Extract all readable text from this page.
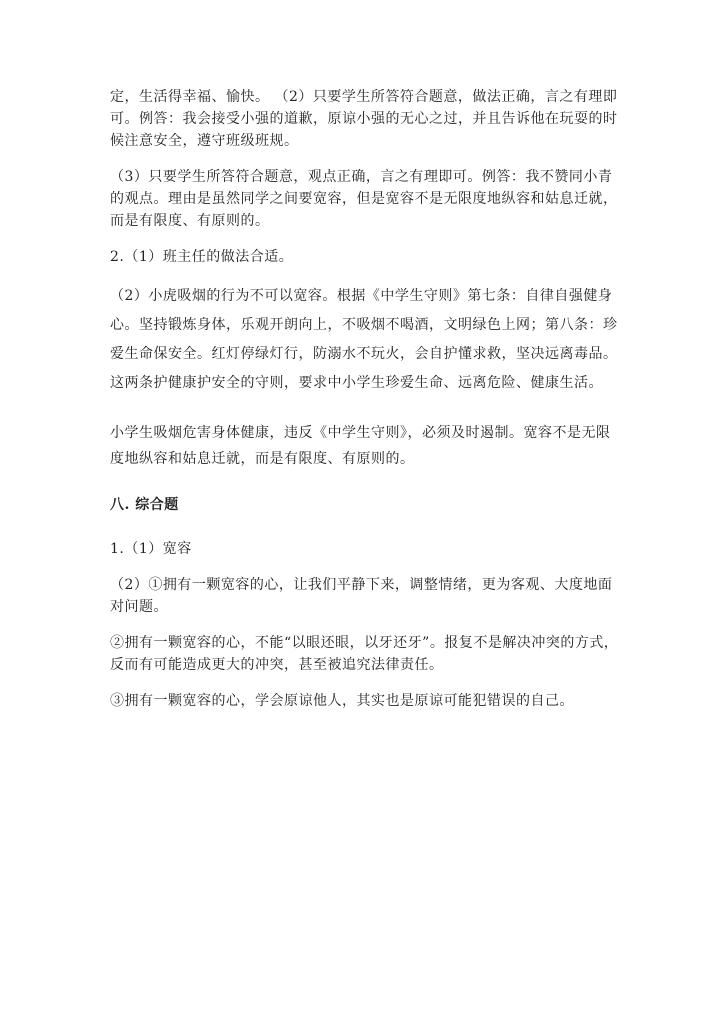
定，生活得幸福、愉快。 （2）只要学生所答符合题意，做法正确，言之有理即可。例答：我会接受小强的道歉，原谅小强的无心之过，并且告诉他在玩耍的时候注意安全，遵守班级班规。

（3）只要学生所答符合题意，观点正确，言之有理即可。例答：我不赞同小青的观点。理由是虽然同学之间要宽容，但是宽容不是无限度地纵容和姑息迁就，而是有限度、有原则的。

2.（1）班主任的做法合适。

（2）小虎吸烟的行为不可以宽容。根据《中学生守则》第七条：自律自强健身心。坚持锻炼身体，乐观开朗向上，不吸烟不喝酒，文明绿色上网；第八条：珍爱生命保安全。红灯停绿灯行，防溺水不玩火，会自护懂求救，坚决远离毒品。这两条护健康护安全的守则，要求中小学生珍爱生命、远离危险、健康生活。

小学生吸烟危害身体健康，违反《中学生守则》，必须及时遏制。宽容不是无限度地纵容和姑息迁就，而是有限度、有原则的。

八. 综合题

1.（1）宽容

（2）①拥有一颗宽容的心，让我们平静下来，调整情绪，更为客观、大度地面对问题。

②拥有一颗宽容的心，不能“以眼还眼，以牙还牙”。报复不是解决冲突的方式，反而有可能造成更大的冲突，甚至被追究法律责任。

③拥有一颗宽容的心，学会原谅他人，其实也是原谅可能犯错误的自己。
